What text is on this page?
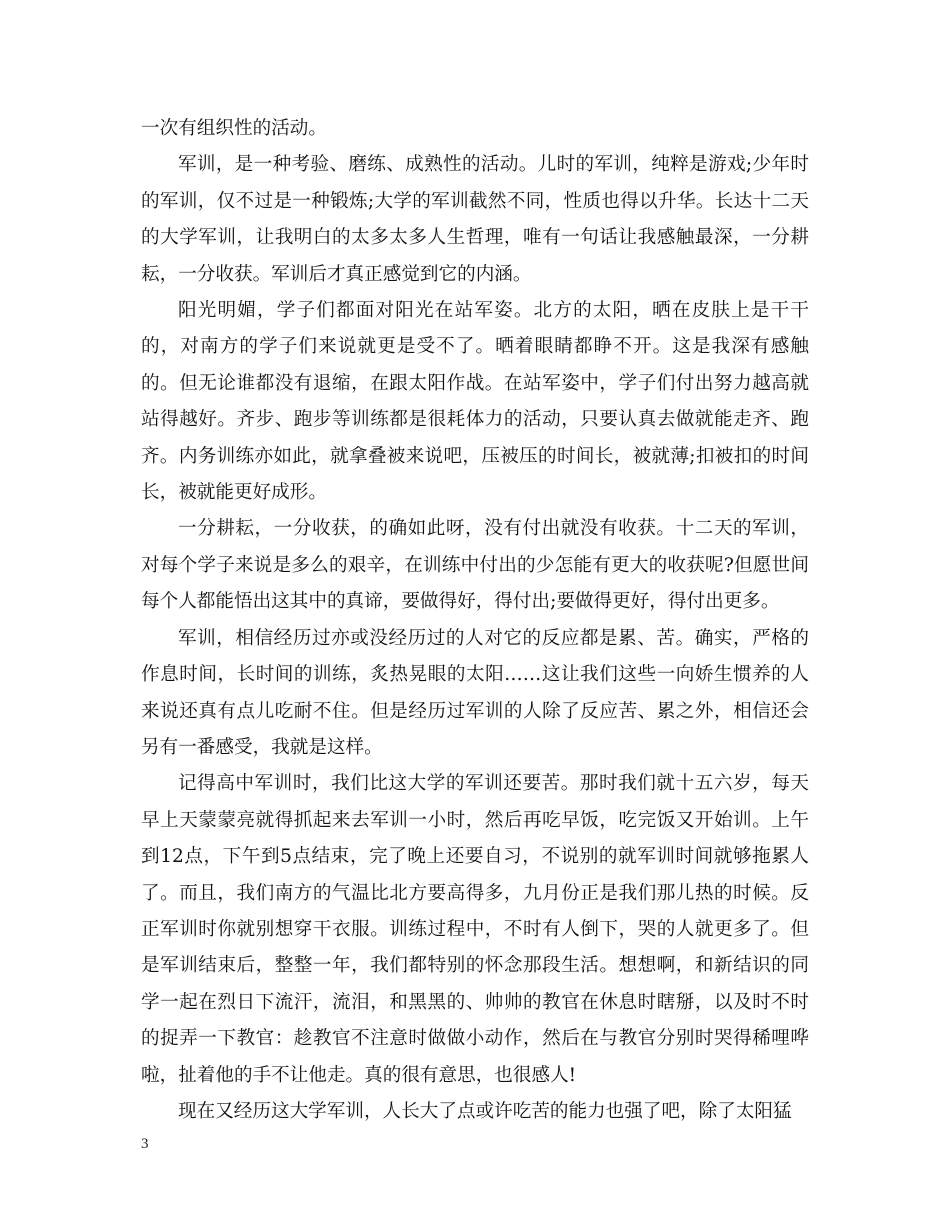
一次有组织性的活动。

军训，是一种考验、磨练、成熟性的活动。儿时的军训，纯粹是游戏;少年时的军训，仅不过是一种锻炼;大学的军训截然不同，性质也得以升华。长达十二天的大学军训，让我明白的太多太多人生哲理，唯有一句话让我感触最深，一分耕耘，一分收获。军训后才真正感觉到它的内涵。

阳光明媚，学子们都面对阳光在站军姿。北方的太阳，晒在皮肤上是干干的，对南方的学子们来说就更是受不了。晒着眼睛都睁不开。这是我深有感触的。但无论谁都没有退缩，在跟太阳作战。在站军姿中，学子们付出努力越高就站得越好。齐步、跑步等训练都是很耗体力的活动，只要认真去做就能走齐、跑齐。内务训练亦如此，就拿叠被来说吧，压被压的时间长，被就薄;扣被扣的时间长，被就能更好成形。

一分耕耘，一分收获，的确如此呀，没有付出就没有收获。十二天的军训，对每个学子来说是多么的艰辛，在训练中付出的少怎能有更大的收获呢?但愿世间每个人都能悟出这其中的真谛，要做得好，得付出;要做得更好，得付出更多。

军训，相信经历过亦或没经历过的人对它的反应都是累、苦。确实，严格的作息时间，长时间的训练，炙热晃眼的太阳……这让我们这些一向娇生惯养的人来说还真有点儿吃耐不住。但是经历过军训的人除了反应苦、累之外，相信还会另有一番感受，我就是这样。

记得高中军训时，我们比这大学的军训还要苦。那时我们就十五六岁，每天早上天蒙蒙亮就得抓起来去军训一小时，然后再吃早饭，吃完饭又开始训。上午到12点，下午到5点结束，完了晚上还要自习，不说别的就军训时间就够拖累人了。而且，我们南方的气温比北方要高得多，九月份正是我们那儿热的时候。反正军训时你就别想穿干衣服。训练过程中，不时有人倒下，哭的人就更多了。但是军训结束后，整整一年，我们都特别的怀念那段生活。想想啊，和新结识的同学一起在烈日下流汗，流泪，和黑黑的、帅帅的教官在休息时瞎掰，以及时不时的捉弄一下教官：趁教官不注意时做做小动作，然后在与教官分别时哭得稀哩哗啦，扯着他的手不让他走。真的很有意思，也很感人!

现在又经历这大学军训，人长大了点或许吃苦的能力也强了吧，除了太阳猛

3
